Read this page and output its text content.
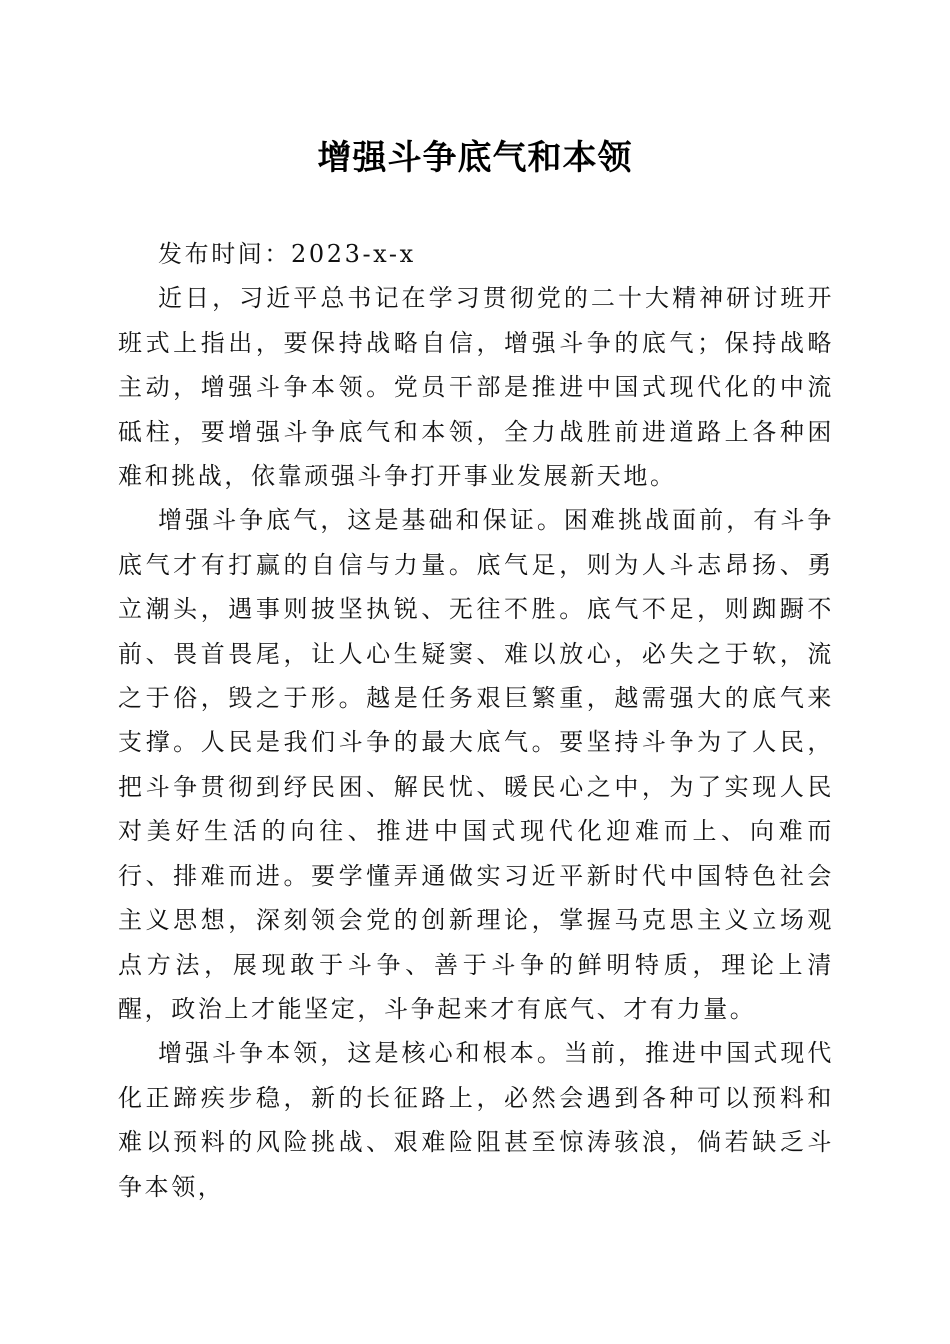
增强斗争底气和本领

发布时间：2023-x-x

近日，习近平总书记在学习贯彻党的二十大精神研讨班开班式上指出，要保持战略自信，增强斗争的底气；保持战略主动，增强斗争本领。党员干部是推进中国式现代化的中流砥柱，要增强斗争底气和本领，全力战胜前进道路上各种困难和挑战，依靠顽强斗争打开事业发展新天地。

增强斗争底气，这是基础和保证。困难挑战面前，有斗争底气才有打赢的自信与力量。底气足，则为人斗志昂扬、勇立潮头，遇事则披坚执锐、无往不胜。底气不足，则踟蹰不前、畏首畏尾，让人心生疑窦、难以放心，必失之于软，流之于俗，毁之于形。越是任务艰巨繁重，越需强大的底气来支撑。人民是我们斗争的最大底气。要坚持斗争为了人民，把斗争贯彻到纾民困、解民忧、暖民心之中，为了实现人民对美好生活的向往、推进中国式现代化迎难而上、向难而行、排难而进。要学懂弄通做实习近平新时代中国特色社会主义思想，深刻领会党的创新理论，掌握马克思主义立场观点方法，展现敢于斗争、善于斗争的鲜明特质，理论上清醒，政治上才能坚定，斗争起来才有底气、才有力量。

增强斗争本领，这是核心和根本。当前，推进中国式现代化正蹄疾步稳，新的长征路上，必然会遇到各种可以预料和难以预料的风险挑战、艰难险阻甚至惊涛骇浪，倘若缺乏斗争本领，
